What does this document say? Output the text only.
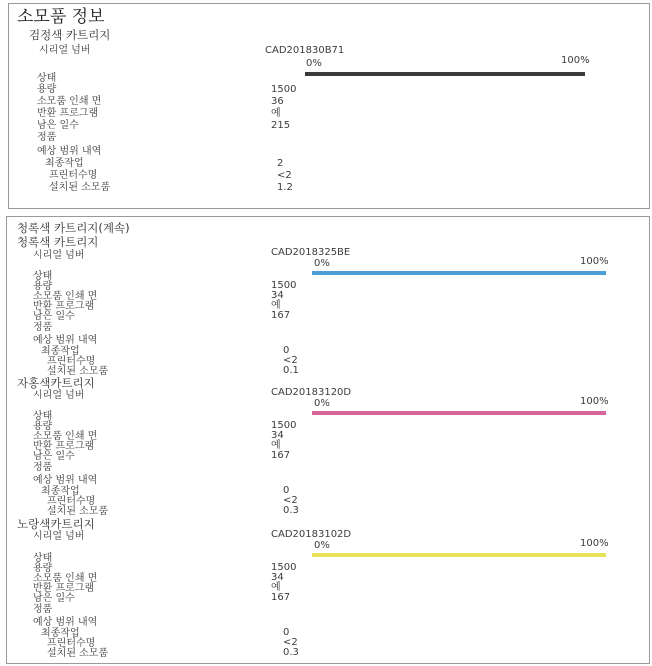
소모품 정보
검정색 카트리지
시리얼 넘버	CAD201830B71
0%	100%
상태
용량	1500
소모품 인쇄 면	36
반환 프로그램	예
남은 일수	215
정품
예상 범위 내역
최종작업	2
프린터수명	<2
설치된 소모품	1.2
청록색 카트리지(계속)
청록색 카트리지
시리얼 넘버	CAD2018325BE
0%	100%
상태
용량	1500
소모품 인쇄 면	34
반환 프로그램	예
남은 일수	167
정품
예상 범위 내역
최종작업	0
프린터수명	<2
설치된 소모품	0.1
자홍색카트리지
시리얼 넘버	CAD20183120D
0%	100%
상태
용량	1500
소모품 인쇄 면	34
반환 프로그램	예
남은 일수	167
정품
예상 범위 내역
최종작업	0
프린터수명	<2
설치된 소모품	0.3
노랑색카트리지
시리얼 넘버	CAD20183102D
0%	100%
상태
용량	1500
소모품 인쇄 면	34
반환 프로그램	예
남은 일수	167
정품
예상 범위 내역
최종작업	0
프린터수명	<2
설치된 소모품	0.3
